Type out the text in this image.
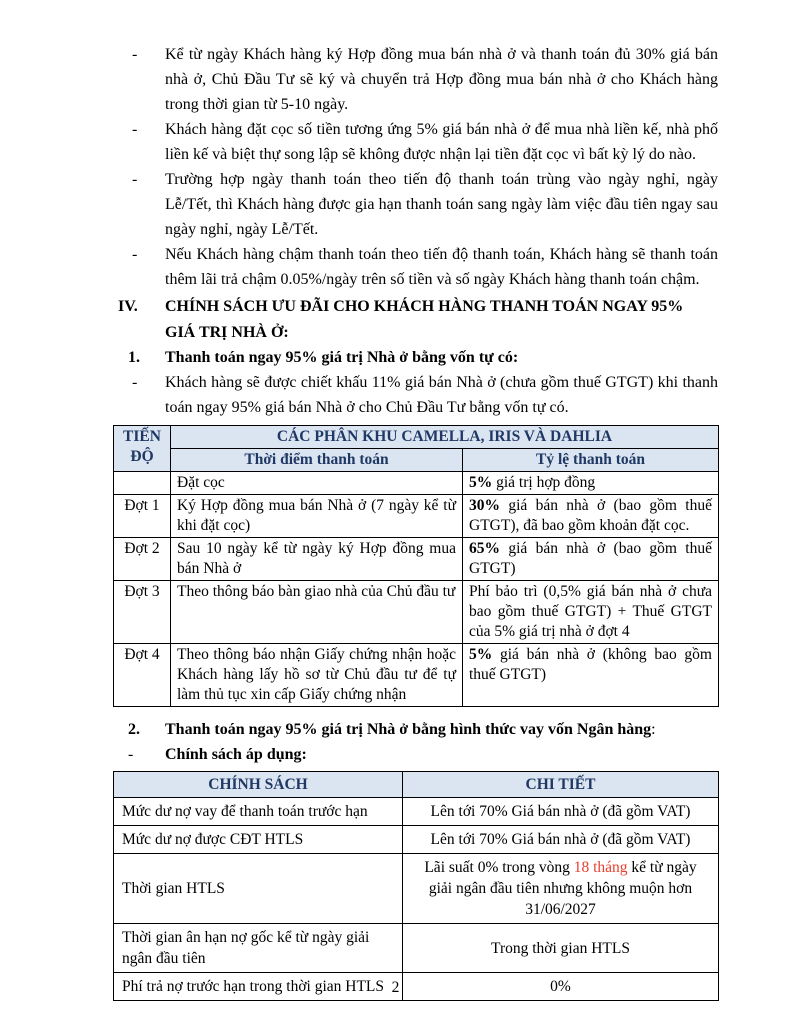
-	Kể từ ngày Khách hàng ký Hợp đồng mua bán nhà ở và thanh toán đủ 30% giá bán nhà ở, Chủ Đầu Tư sẽ ký và chuyển trả Hợp đồng mua bán nhà ở cho Khách hàng trong thời gian từ 5-10 ngày.
-	Khách hàng đặt cọc số tiền tương ứng 5% giá bán nhà ở để mua nhà liền kế, nhà phố liền kế và biệt thự song lập sẽ không được nhận lại tiền đặt cọc vì bất kỳ lý do nào.
-	Trường hợp ngày thanh toán theo tiến độ thanh toán trùng vào ngày nghỉ, ngày Lễ/Tết, thì Khách hàng được gia hạn thanh toán sang ngày làm việc đầu tiên ngay sau ngày nghỉ, ngày Lễ/Tết.
-	Nếu Khách hàng chậm thanh toán theo tiến độ thanh toán, Khách hàng sẽ thanh toán thêm lãi trả chậm 0.05%/ngày trên số tiền và số ngày Khách hàng thanh toán chậm.
IV.	CHÍNH SÁCH ƯU ĐÃI CHO KHÁCH HÀNG THANH TOÁN NGAY 95% GIÁ TRỊ NHÀ Ở:
1.	Thanh toán ngay 95% giá trị Nhà ở bằng vốn tự có:
-	Khách hàng sẽ được chiết khấu 11% giá bán Nhà ở (chưa gồm thuế GTGT) khi thanh toán ngay 95% giá bán Nhà ở cho Chủ Đầu Tư bằng vốn tự có.
TIẾN ĐỘ	CÁC PHÂN KHU CAMELLA, IRIS VÀ DAHLIA	
	Thời điểm thanh toán	Tỷ lệ thanh toán
	Đặt cọc	5% giá trị hợp đồng
Đợt 1	Ký Hợp đồng mua bán Nhà ở (7 ngày kể từ khi đặt cọc)	30% giá bán nhà ở (bao gồm thuế GTGT), đã bao gồm khoản đặt cọc.
Đợt 2	Sau 10 ngày kể từ ngày ký Hợp đồng mua bán Nhà ở	65% giá bán nhà ở (bao gồm thuế GTGT)
Đợt 3	Theo thông báo bàn giao nhà của Chủ đầu tư	Phí bảo trì (0,5% giá bán nhà ở chưa bao gồm thuế GTGT) + Thuế GTGT của 5% giá trị nhà ở đợt 4
Đợt 4	Theo thông báo nhận Giấy chứng nhận hoặc Khách hàng lấy hồ sơ từ Chủ đầu tư để tự làm thủ tục xin cấp Giấy chứng nhận	5% giá bán nhà ở (không bao gồm thuế GTGT)
2.	Thanh toán ngay 95% giá trị Nhà ở bằng hình thức vay vốn Ngân hàng:
-	Chính sách áp dụng:
CHÍNH SÁCH	CHI TIẾT
Mức dư nợ vay để thanh toán trước hạn	Lên tới 70% Giá bán nhà ở (đã gồm VAT)
Mức dư nợ được CĐT HTLS	Lên tới 70% Giá bán nhà ở (đã gồm VAT)
Thời gian HTLS	Lãi suất 0% trong vòng 18 tháng kể từ ngày giải ngân đầu tiên nhưng không muộn hơn 31/06/2027
Thời gian ân hạn nợ gốc kể từ ngày giải ngân đầu tiên	Trong thời gian HTLS
Phí trả nợ trước hạn trong thời gian HTLS	0%
2
